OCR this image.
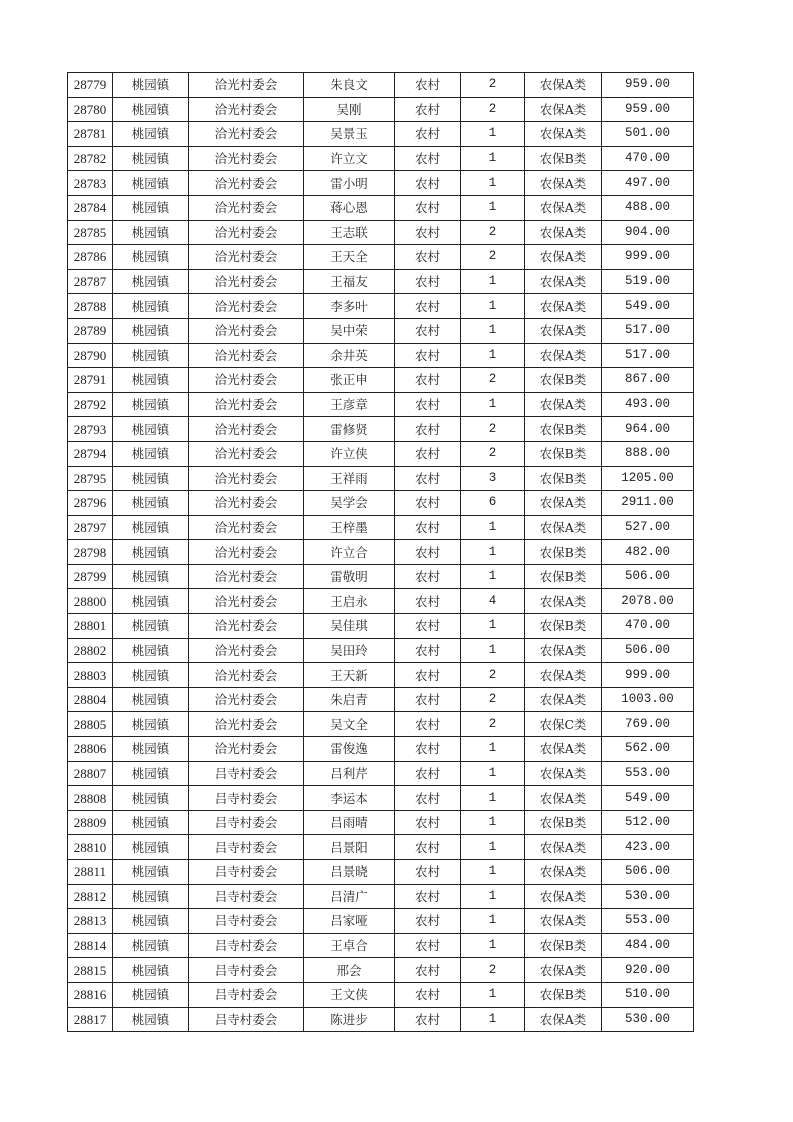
28779	桃园镇	洽光村委会	朱良文	农村	2	农保A类	959.00
28780	桃园镇	洽光村委会	吴刚	农村	2	农保A类	959.00
28781	桃园镇	洽光村委会	吴景玉	农村	1	农保A类	501.00
28782	桃园镇	洽光村委会	许立文	农村	1	农保B类	470.00
28783	桃园镇	洽光村委会	雷小明	农村	1	农保A类	497.00
28784	桃园镇	洽光村委会	蒋心恩	农村	1	农保A类	488.00
28785	桃园镇	洽光村委会	王志联	农村	2	农保A类	904.00
28786	桃园镇	洽光村委会	王天全	农村	2	农保A类	999.00
28787	桃园镇	洽光村委会	王福友	农村	1	农保A类	519.00
28788	桃园镇	洽光村委会	李多叶	农村	1	农保A类	549.00
28789	桃园镇	洽光村委会	吴中荣	农村	1	农保A类	517.00
28790	桃园镇	洽光村委会	余井英	农村	1	农保A类	517.00
28791	桃园镇	洽光村委会	张正申	农村	2	农保B类	867.00
28792	桃园镇	洽光村委会	王彦章	农村	1	农保A类	493.00
28793	桃园镇	洽光村委会	雷修贤	农村	2	农保B类	964.00
28794	桃园镇	洽光村委会	许立侠	农村	2	农保B类	888.00
28795	桃园镇	洽光村委会	王祥雨	农村	3	农保B类	1205.00
28796	桃园镇	洽光村委会	吴学会	农村	6	农保A类	2911.00
28797	桃园镇	洽光村委会	王梓墨	农村	1	农保A类	527.00
28798	桃园镇	洽光村委会	许立合	农村	1	农保B类	482.00
28799	桃园镇	洽光村委会	雷敬明	农村	1	农保B类	506.00
28800	桃园镇	洽光村委会	王启永	农村	4	农保A类	2078.00
28801	桃园镇	洽光村委会	吴佳琪	农村	1	农保B类	470.00
28802	桃园镇	洽光村委会	吴田玲	农村	1	农保A类	506.00
28803	桃园镇	洽光村委会	王天新	农村	2	农保A类	999.00
28804	桃园镇	洽光村委会	朱启青	农村	2	农保A类	1003.00
28805	桃园镇	洽光村委会	吴文全	农村	2	农保C类	769.00
28806	桃园镇	洽光村委会	雷俊逸	农村	1	农保A类	562.00
28807	桃园镇	吕寺村委会	吕利芹	农村	1	农保A类	553.00
28808	桃园镇	吕寺村委会	李运本	农村	1	农保A类	549.00
28809	桃园镇	吕寺村委会	吕雨晴	农村	1	农保B类	512.00
28810	桃园镇	吕寺村委会	吕景阳	农村	1	农保A类	423.00
28811	桃园镇	吕寺村委会	吕景晓	农村	1	农保A类	506.00
28812	桃园镇	吕寺村委会	吕清广	农村	1	农保A类	530.00
28813	桃园镇	吕寺村委会	吕家哑	农村	1	农保A类	553.00
28814	桃园镇	吕寺村委会	王卓合	农村	1	农保B类	484.00
28815	桃园镇	吕寺村委会	邢会	农村	2	农保A类	920.00
28816	桃园镇	吕寺村委会	王文侠	农村	1	农保B类	510.00
28817	桃园镇	吕寺村委会	陈进步	农村	1	农保A类	530.00
